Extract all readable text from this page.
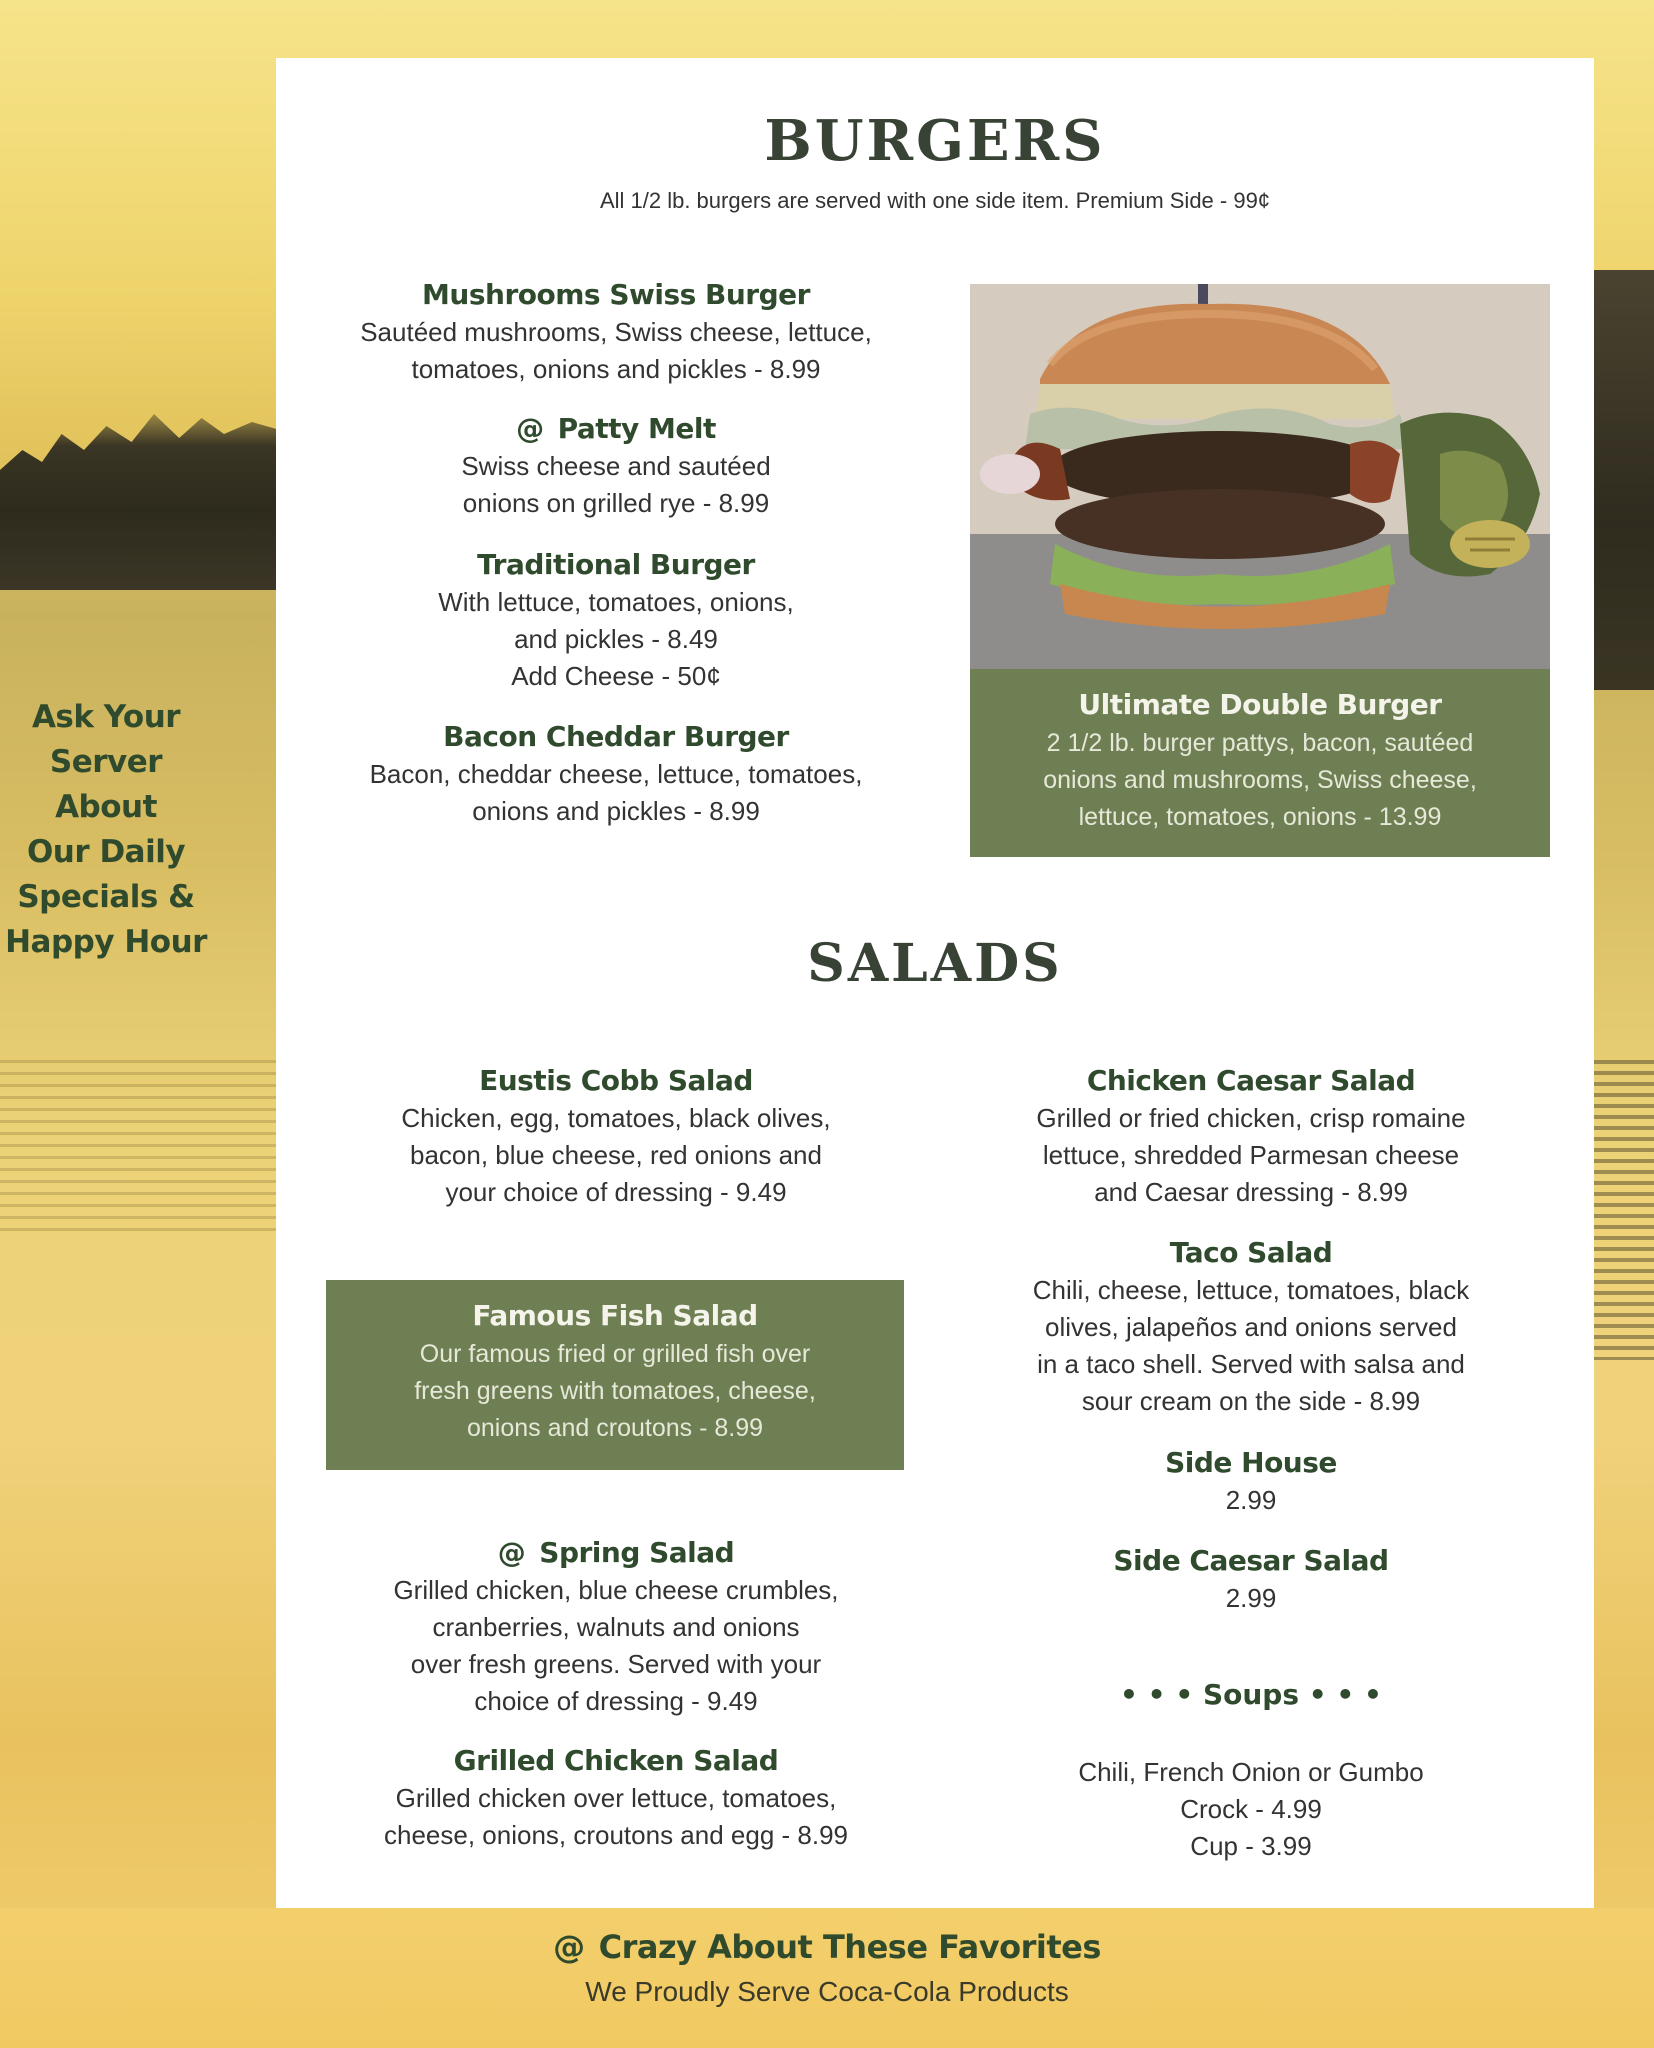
Ask Your
Server About
Our Daily
Specials &
Happy Hour
BURGERS
All 1/2 lb. burgers are served with one side item. Premium Side - 99¢
Mushrooms Swiss Burger
Sautéed mushrooms, Swiss cheese, lettuce,
tomatoes, onions and pickles - 8.99
@ Patty Melt
Swiss cheese and sautéed
onions on grilled rye - 8.99
Traditional Burger
With lettuce, tomatoes, onions,
and pickles - 8.49
Add Cheese - 50¢
Bacon Cheddar Burger
Bacon, cheddar cheese, lettuce, tomatoes,
onions and pickles - 8.99
Ultimate Double Burger
2 1/2 lb. burger pattys, bacon, sautéed
onions and mushrooms, Swiss cheese,
lettuce, tomatoes, onions - 13.99
SALADS
Eustis Cobb Salad
Chicken, egg, tomatoes, black olives,
bacon, blue cheese, red onions and
your choice of dressing - 9.49
Famous Fish Salad
Our famous fried or grilled fish over
fresh greens with tomatoes, cheese,
onions and croutons - 8.99
@ Spring Salad
Grilled chicken, blue cheese crumbles,
cranberries, walnuts and onions
over fresh greens. Served with your
choice of dressing - 9.49
Grilled Chicken Salad
Grilled chicken over lettuce, tomatoes,
cheese, onions, croutons and egg - 8.99
Chicken Caesar Salad
Grilled or fried chicken, crisp romaine
lettuce, shredded Parmesan cheese
and Caesar dressing - 8.99
Taco Salad
Chili, cheese, lettuce, tomatoes, black
olives, jalapeños and onions served
in a taco shell. Served with salsa and
sour cream on the side - 8.99
Side House
2.99
Side Caesar Salad
2.99
• • • Soups • • •
Chili, French Onion or Gumbo
Crock - 4.99
Cup - 3.99
@ Crazy About These Favorites
We Proudly Serve Coca-Cola Products
